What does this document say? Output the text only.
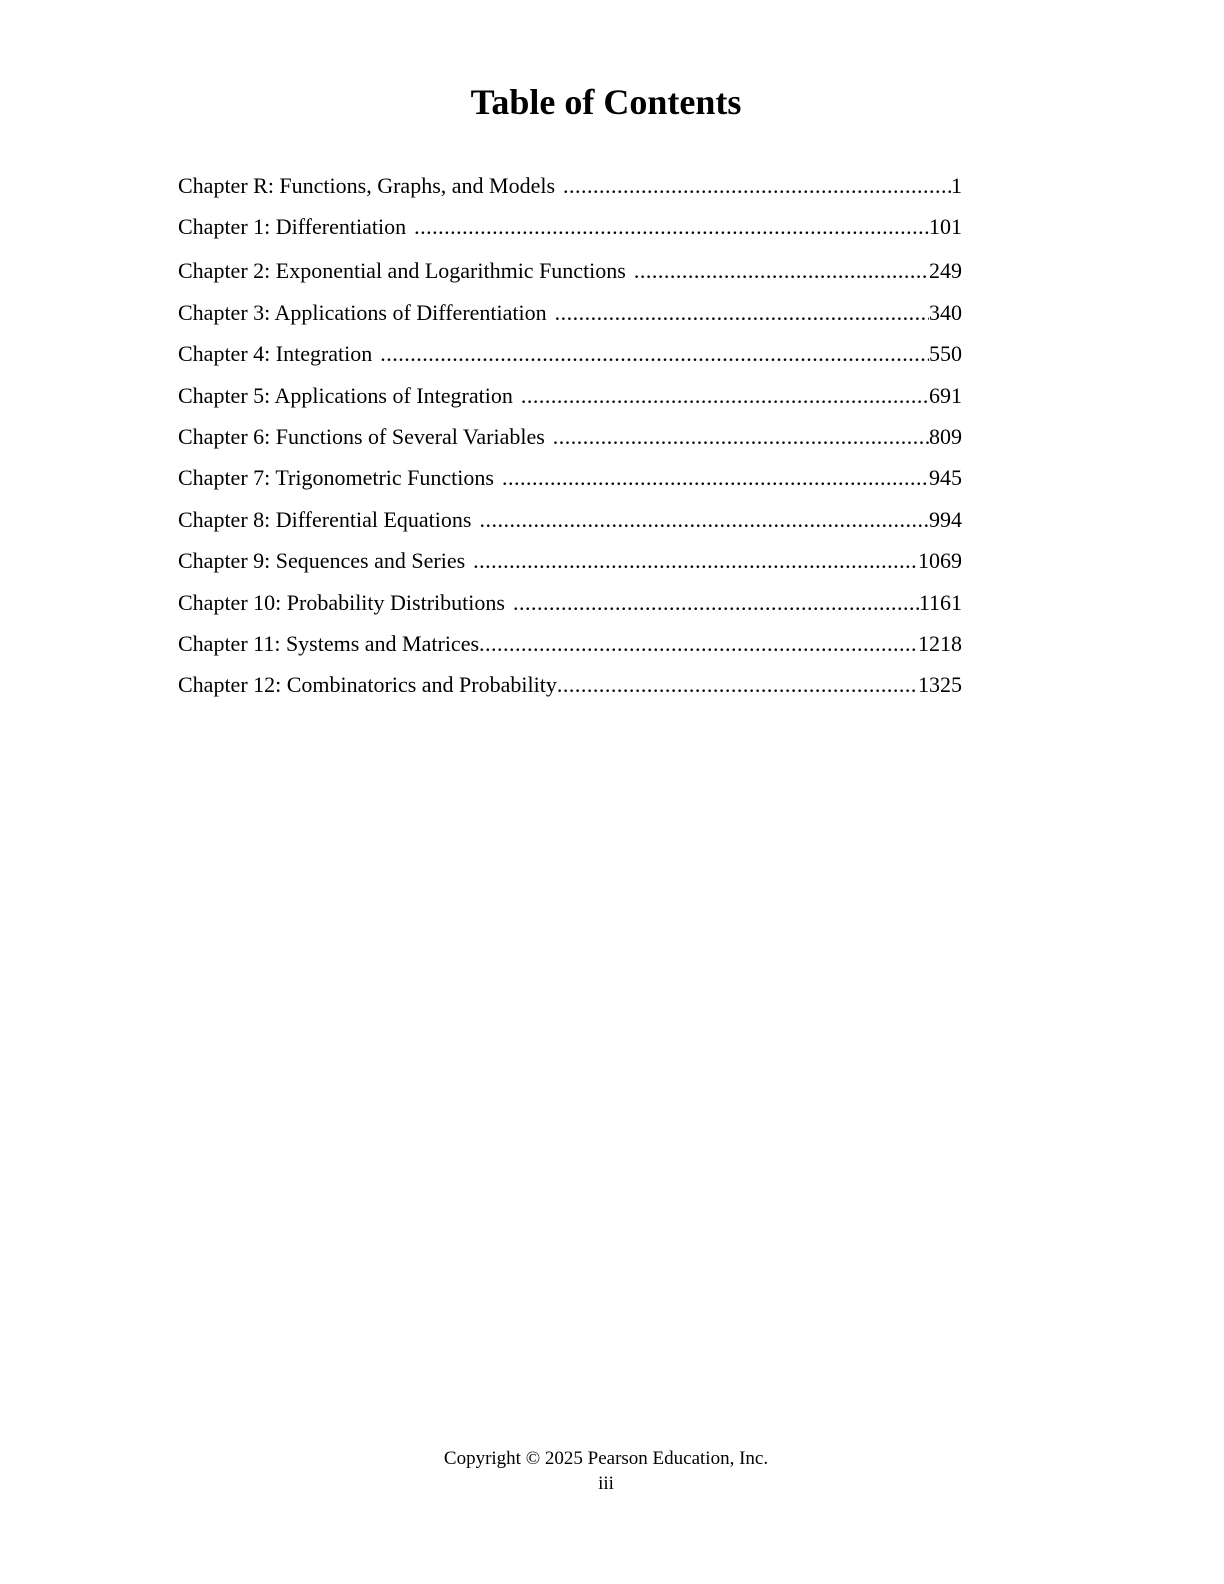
Table of Contents
Chapter R: Functions, Graphs, and Models .....	1
Chapter 1: Differentiation .....	101
Chapter 2: Exponential and Logarithmic Functions .....	249
Chapter 3: Applications of Differentiation .....	340
Chapter 4: Integration .....	550
Chapter 5: Applications of Integration .....	691
Chapter 6: Functions of Several Variables .....	809
Chapter 7: Trigonometric Functions .....	945
Chapter 8: Differential Equations .....	994
Chapter 9: Sequences and Series .....	1069
Chapter 10: Probability Distributions .....	1161
Chapter 11: Systems and Matrices .....	1218
Chapter 12: Combinatorics and Probability .....	1325
Copyright © 2025 Pearson Education, Inc.
iii
